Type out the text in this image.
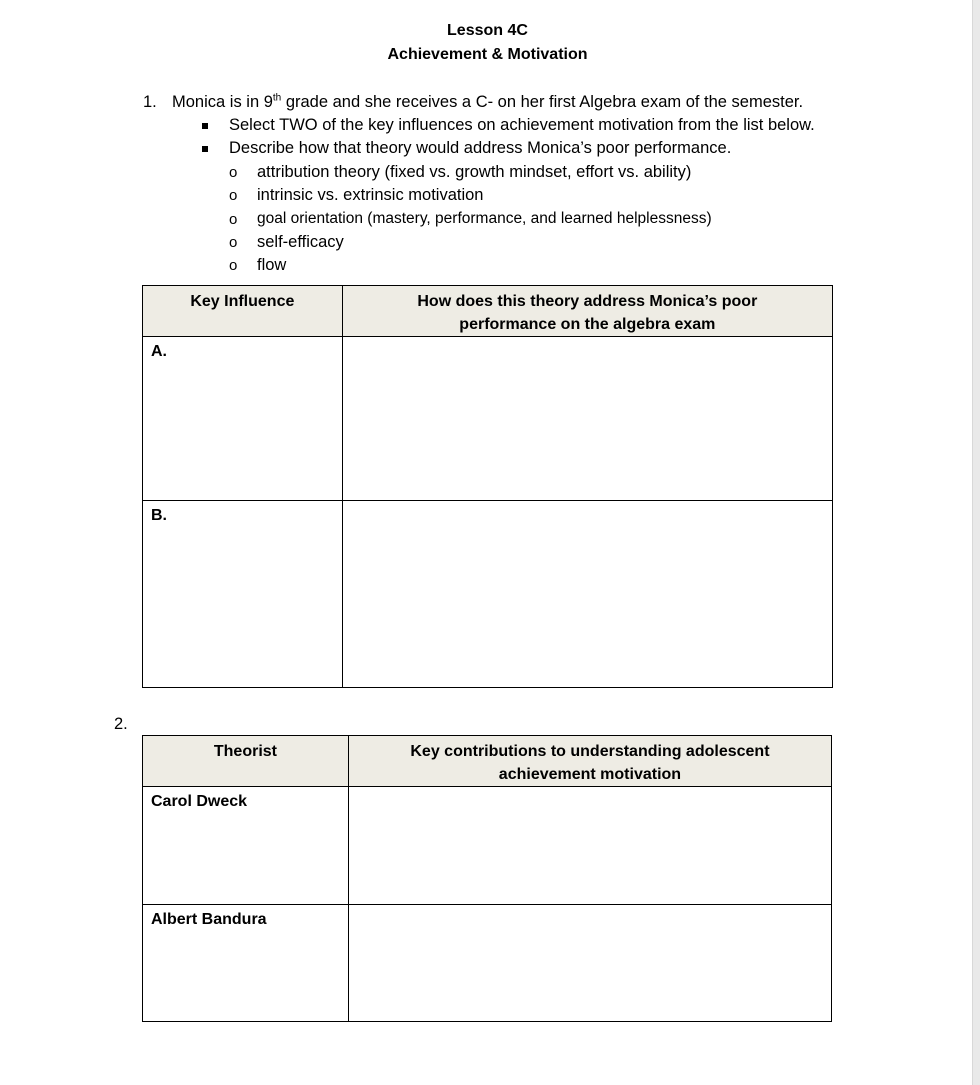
Lesson 4C
Achievement & Motivation
1. Monica is in 9th grade and she receives a C- on her first Algebra exam of the semester.
Select TWO of the key influences on achievement motivation from the list below.
Describe how that theory would address Monica’s poor performance.
o attribution theory (fixed vs. growth mindset, effort vs. ability)
o intrinsic vs. extrinsic motivation
o goal orientation (mastery, performance, and learned helplessness)
o self-efficacy
o flow
Key Influence	How does this theory address Monica’s poor performance on the algebra exam
A.	
B.	
2.
Theorist	Key contributions to understanding adolescent achievement motivation
Carol Dweck	
Albert Bandura	
